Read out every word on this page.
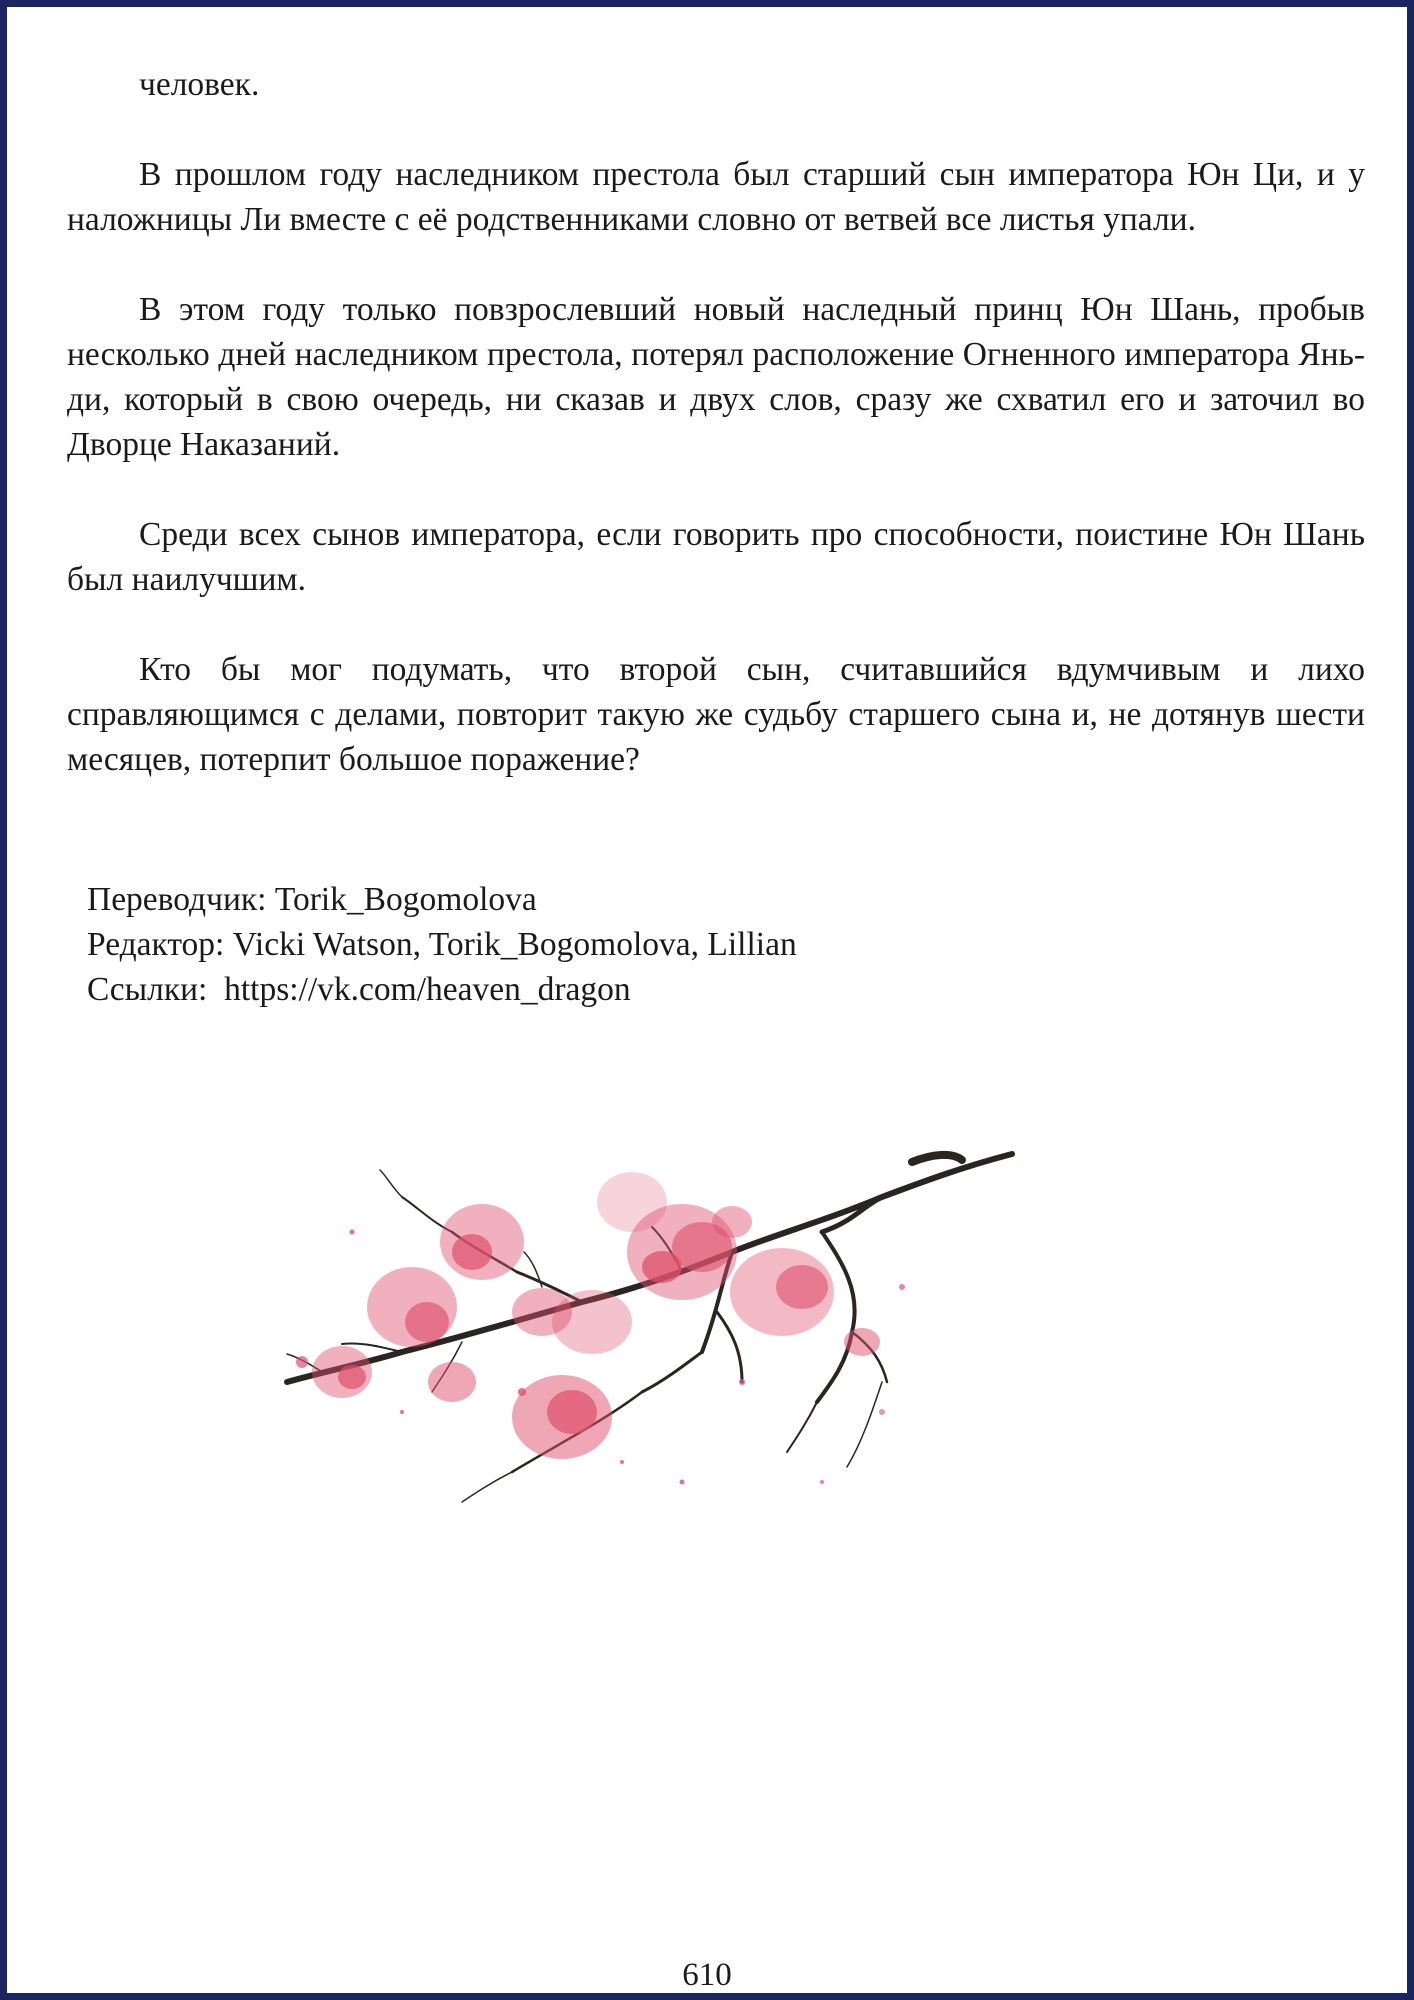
человек.

В прошлом году наследником престола был старший сын императора Юн Ци, и у наложницы Ли вместе с её родственниками словно от ветвей все листья упали.

В этом году только повзрослевший новый наследный принц Юн Шань, пробыв несколько дней наследником престола, потерял расположение Огненного императора Янь-ди, который в свою очередь, ни сказав и двух слов, сразу же схватил его и заточил во Дворце Наказаний.

Среди всех сынов императора, если говорить про способности, поистине Юн Шань был наилучшим.

Кто бы мог подумать, что второй сын, считавшийся вдумчивым и лихо справляющимся с делами, повторит такую же судьбу старшего сына и, не дотянув шести месяцев, потерпит большое поражение?

Переводчик: Torik_Bogomolova
Редактор: Vicki Watson, Torik_Bogomolova, Lillian
Ссылки:  https://vk.com/heaven_dragon
610
